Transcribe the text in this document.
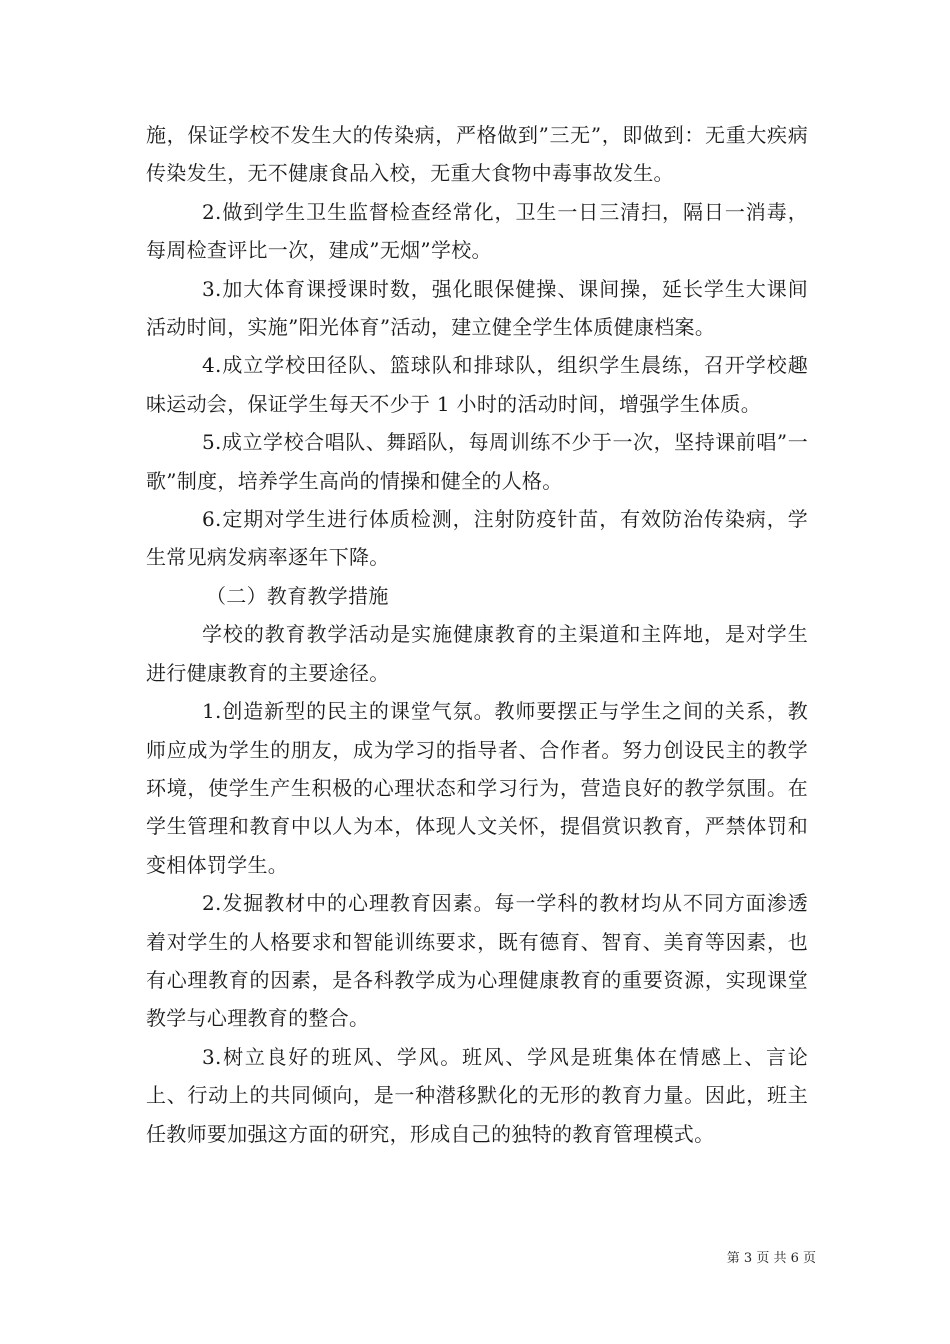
施，保证学校不发生大的传染病，严格做到”三无”，即做到：无重大疾病传染发生，无不健康食品入校，无重大食物中毒事故发生。

2.做到学生卫生监督检查经常化，卫生一日三清扫，隔日一消毒，每周检查评比一次，建成”无烟”学校。

3.加大体育课授课时数，强化眼保健操、课间操，延长学生大课间活动时间，实施”阳光体育”活动，建立健全学生体质健康档案。

4.成立学校田径队、篮球队和排球队，组织学生晨练，召开学校趣味运动会，保证学生每天不少于 1 小时的活动时间，增强学生体质。

5.成立学校合唱队、舞蹈队，每周训练不少于一次，坚持课前唱”一歌”制度，培养学生高尚的情操和健全的人格。

6.定期对学生进行体质检测，注射防疫针苗，有效防治传染病，学生常见病发病率逐年下降。

（二）教育教学措施

学校的教育教学活动是实施健康教育的主渠道和主阵地，是对学生进行健康教育的主要途径。

1.创造新型的民主的课堂气氛。教师要摆正与学生之间的关系，教师应成为学生的朋友，成为学习的指导者、合作者。努力创设民主的教学环境，使学生产生积极的心理状态和学习行为，营造良好的教学氛围。在学生管理和教育中以人为本，体现人文关怀，提倡赏识教育，严禁体罚和变相体罚学生。

2.发掘教材中的心理教育因素。每一学科的教材均从不同方面渗透着对学生的人格要求和智能训练要求，既有德育、智育、美育等因素，也有心理教育的因素，是各科教学成为心理健康教育的重要资源，实现课堂教学与心理教育的整合。

3.树立良好的班风、学风。班风、学风是班集体在情感上、言论上、行动上的共同倾向，是一种潜移默化的无形的教育力量。因此，班主任教师要加强这方面的研究，形成自己的独特的教育管理模式。

第 3 页 共 6 页
